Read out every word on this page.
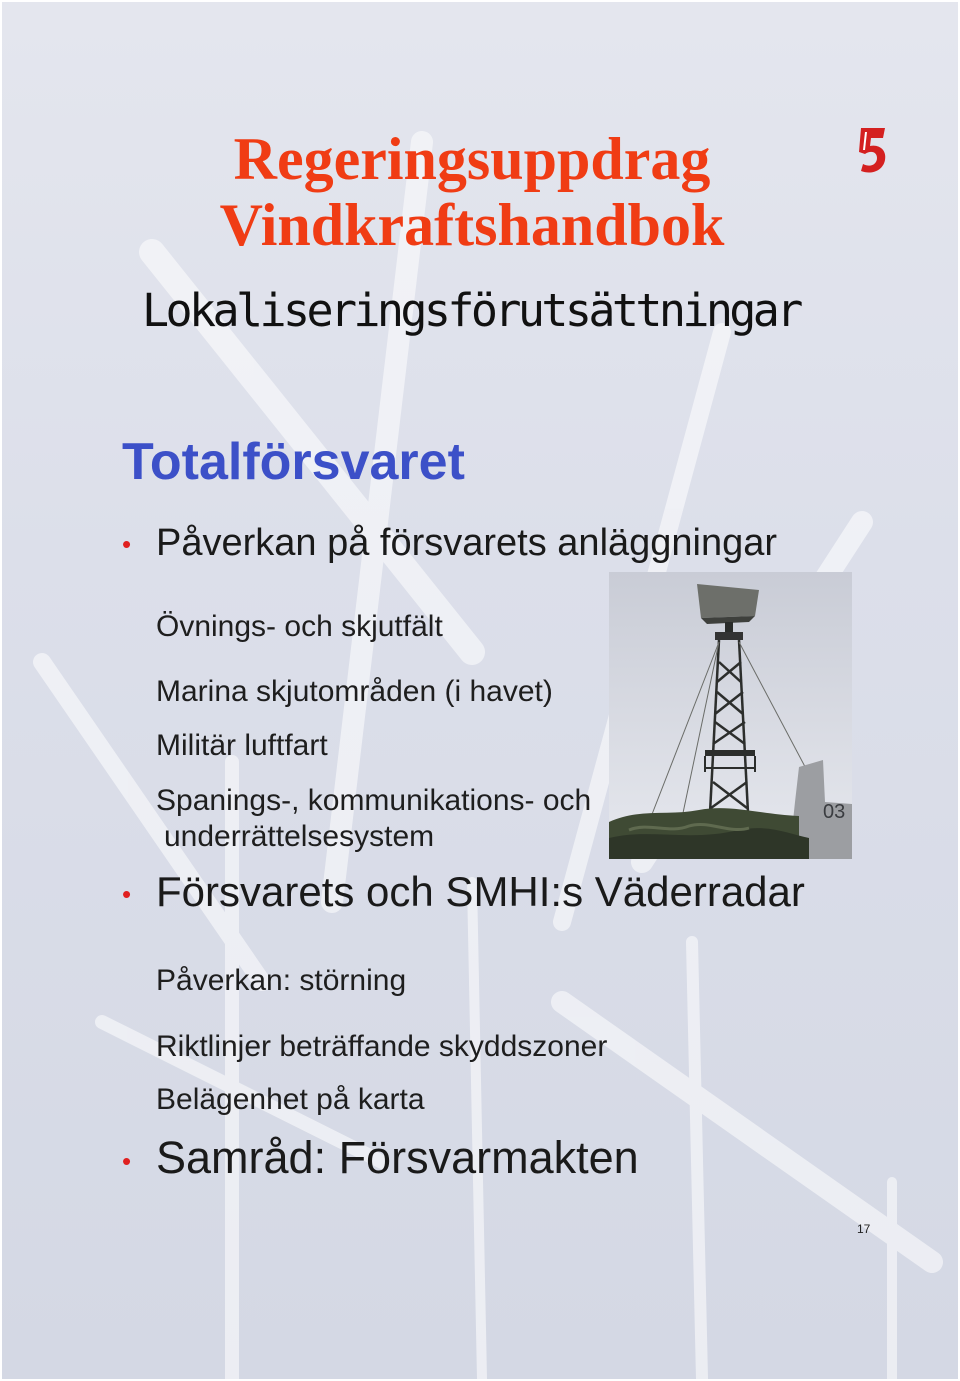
Regeringsuppdrag
Vindkraftshandbok
Lokaliseringsförutsättningar
Totalförsvaret
• Påverkan på försvarets anläggningar
Övnings- och skjutfält
Marina skjutområden (i havet)
Militär luftfart
Spanings-, kommunikations- och
underrättelsesystem
03
• Försvarets och SMHI:s Väderradar
Påverkan: störning
Riktlinjer beträffande skyddszoner
Belägenhet på karta
• Samråd: Försvarmakten
17
